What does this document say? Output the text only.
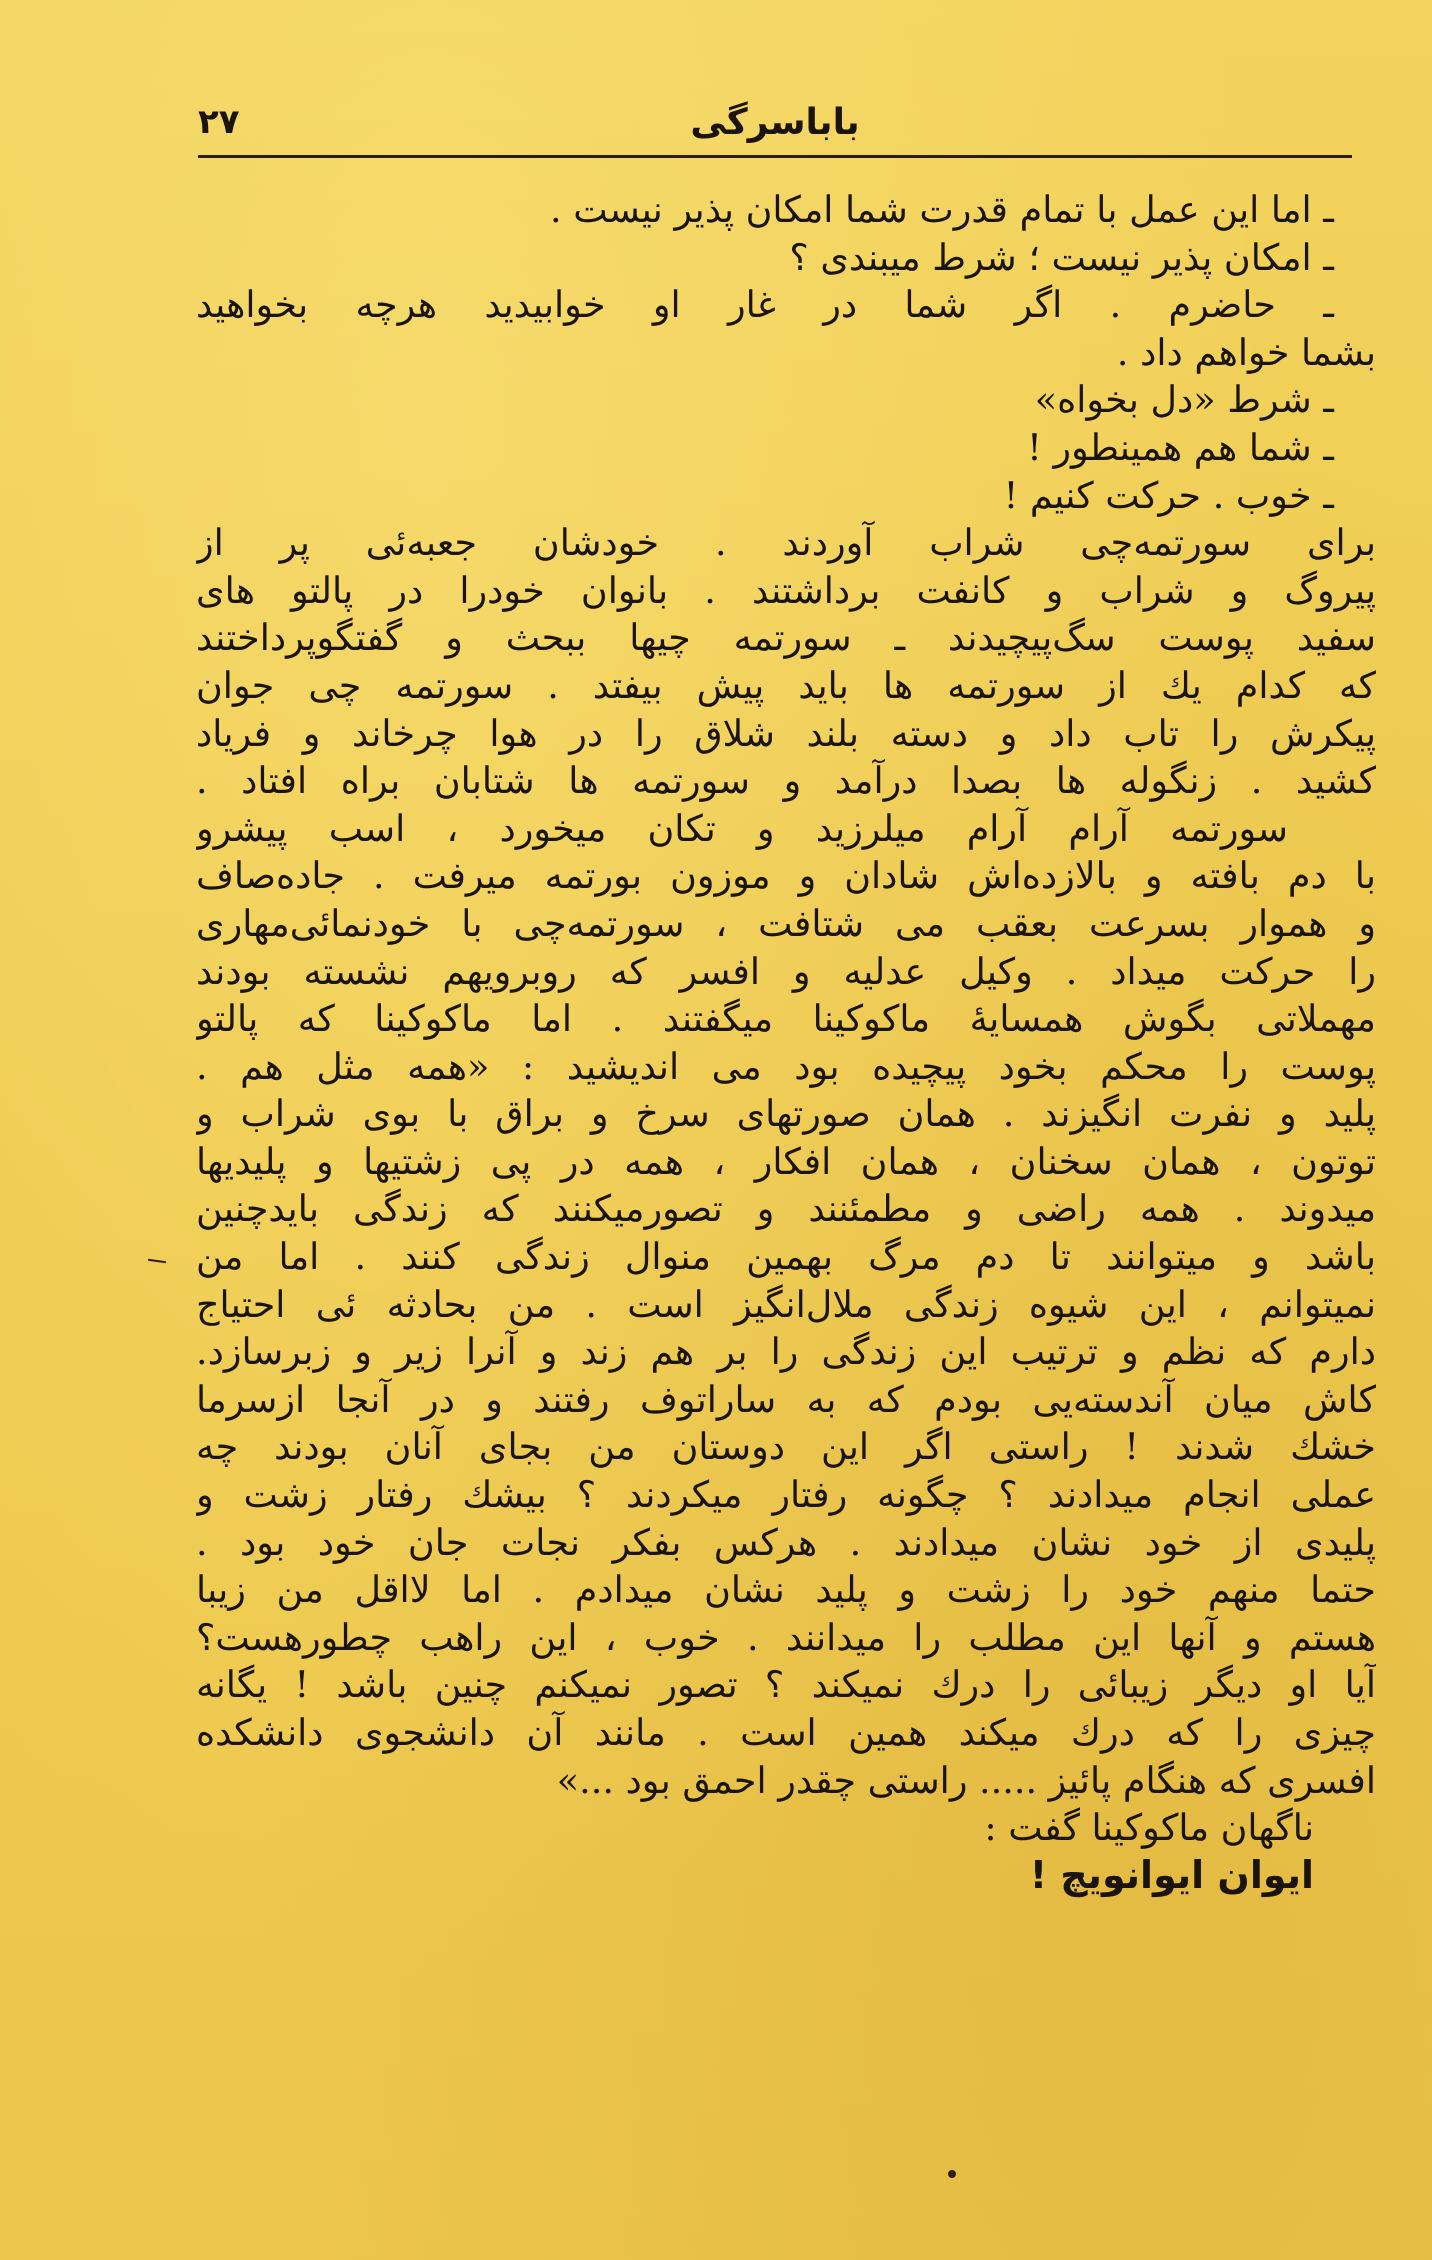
باباسرگی
۲۷
ـ اما این عمل با تمام قدرت شما امکان پذیر نیست .
ـ امکان پذیر نیست ؛ شرط میبندی ؟
ـ حاضرم . اگر شما در غار او خوابیدید هرچه بخواهید
بشما خواهم داد .
ـ شرط «دل بخواه»
ـ شما هم همینطور !
ـ خوب . حرکت کنیم !
برای سورتمه‌چی شراب آوردند . خودشان جعبه‌ئی پر از
پیروگ و شراب و کانفت برداشتند . بانوان خودرا در پالتو های
سفید پوست سگ‌پیچیدند ـ سورتمه چیها ببحث و گفتگوپرداختند
که کدام یك از سورتمه ها باید پیش بیفتد . سورتمه چی جوان
پیکرش را تاب داد و دسته بلند شلاق را در هوا چرخاند و فریاد
کشید . زنگوله ها بصدا درآمد و سورتمه ها شتابان براه افتاد .
سورتمه آرام آرام میلرزید و تکان میخورد ، اسب پیشرو
با دم بافته و بالازده‌اش شادان و موزون بورتمه میرفت . جاده‌صاف
و هموار بسرعت بعقب می شتافت ، سورتمه‌چی با خودنمائی‌مهاری
را حرکت میداد . وکیل عدلیه و افسر که روبرویهم نشسته بودند
مهملاتی بگوش همسایهٔ ماکوکینا میگفتند . اما ماکوکینا که پالتو
پوست را محکم بخود پیچیده بود می اندیشید : «همه مثل هم .
پلید و نفرت انگیزند . همان صورتهای سرخ و براق با بوی شراب و
توتون ، همان سخنان ، همان افکار ، همه در پی زشتیها و پلیدیها
میدوند . همه راضی و مطمئنند و تصورمیکنند که زندگی بایدچنین
باشد و میتوانند تا دم مرگ بهمین منوال زندگی کنند . اما من
نمیتوانم ، این شیوه زندگی ملال‌انگیز است . من بحادثه ئی احتیاج
دارم که نظم و ترتیب این زندگی را بر هم زند و آنرا زیر و زبرسازد.
کاش میان آندسته‌یی بودم که به ساراتوف رفتند و در آنجا ازسرما
خشك شدند ! راستی اگر این دوستان من بجای آنان بودند چه
عملی انجام میدادند ؟ چگونه رفتار میکردند ؟ بیشك رفتار زشت و
پلیدی از خود نشان میدادند . هرکس بفکر نجات جان خود بود .
حتما منهم خود را زشت و پلید نشان میدادم . اما لااقل من زیبا
هستم و آنها این مطلب را میدانند . خوب ، این راهب چطورهست؟
آیا او دیگر زیبائی را درك نمیکند ؟ تصور نمیکنم چنین باشد ! یگانه
چیزی را که درك میکند همین است . مانند آن دانشجوی دانشکده
افسری که هنگام پائیز ..... راستی چقدر احمق بود ...»
ناگهان ماکوکینا گفت :
ایوان ایوانویچ !
